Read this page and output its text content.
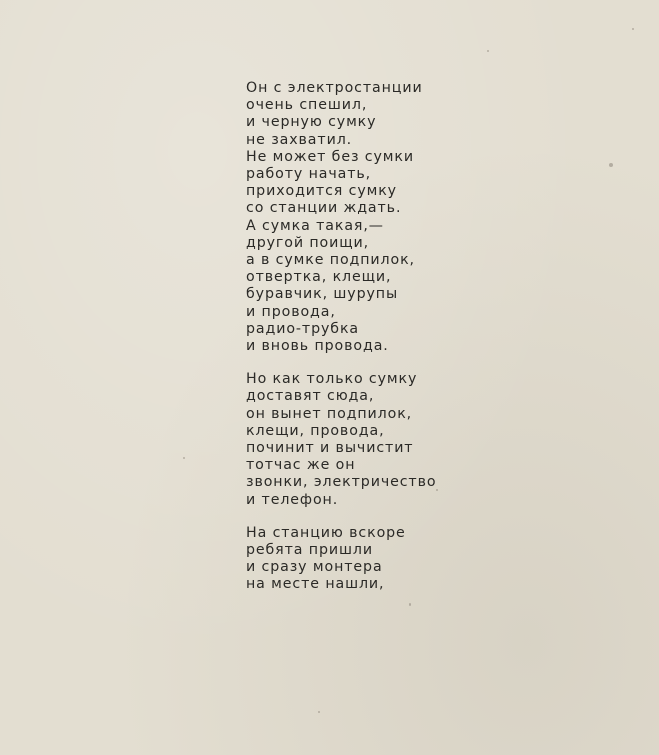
Он с электростанции
очень спешил,
и черную сумку
не захватил.
Не может без сумки
работу начать,
приходится сумку
со станции ждать.
А сумка такая,—
другой поищи,
а в сумке подпилок,
отвертка, клещи,
буравчик, шурупы
и провода,
радио-трубка
и вновь провода.
Но как только сумку
доставят сюда,
он вынет подпилок,
клещи, провода,
починит и вычистит
тотчас же он
звонки, электричество
и телефон.
На станцию вскоре
ребята пришли
и сразу монтера
на месте нашли,
